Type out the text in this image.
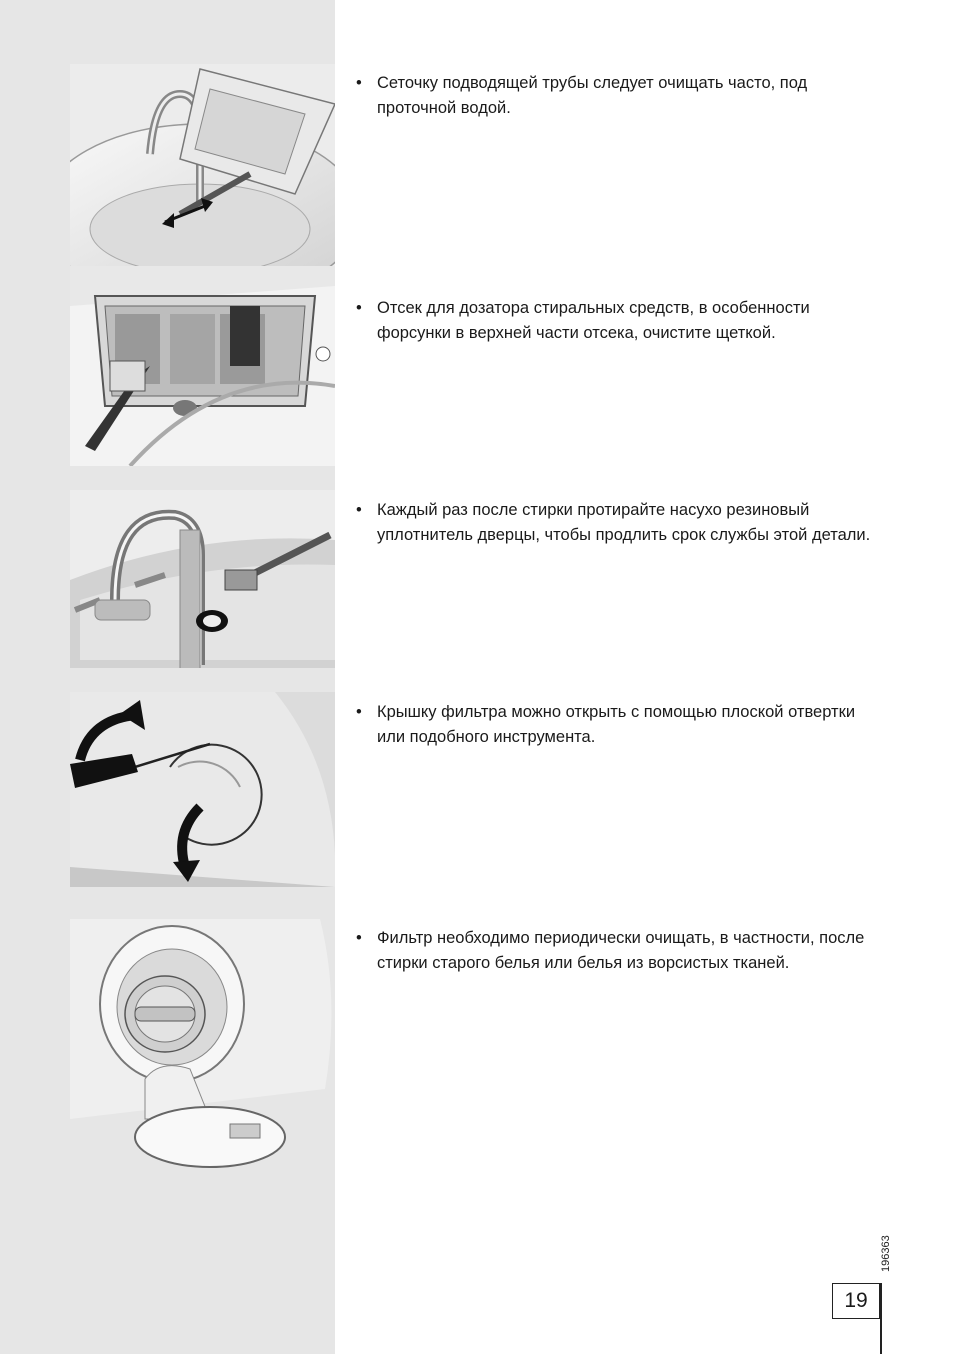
• Сеточку подводящей трубы следует очищать часто, под проточной водой.
• Отсек для дозатора стиральных средств, в особенности форсунки в верхней части отсека, очистите щеткой.
• Каждый раз после стирки протирайте насухо резиновый уплотнитель дверцы, чтобы продлить срок службы этой детали.
• Крышку фильтра можно открыть с помощью плоской отвертки или подобного инструмента.
• Фильтр необходимо периодически очищать, в частности, после стирки старого белья или белья из ворсистых тканей.
196363
19
